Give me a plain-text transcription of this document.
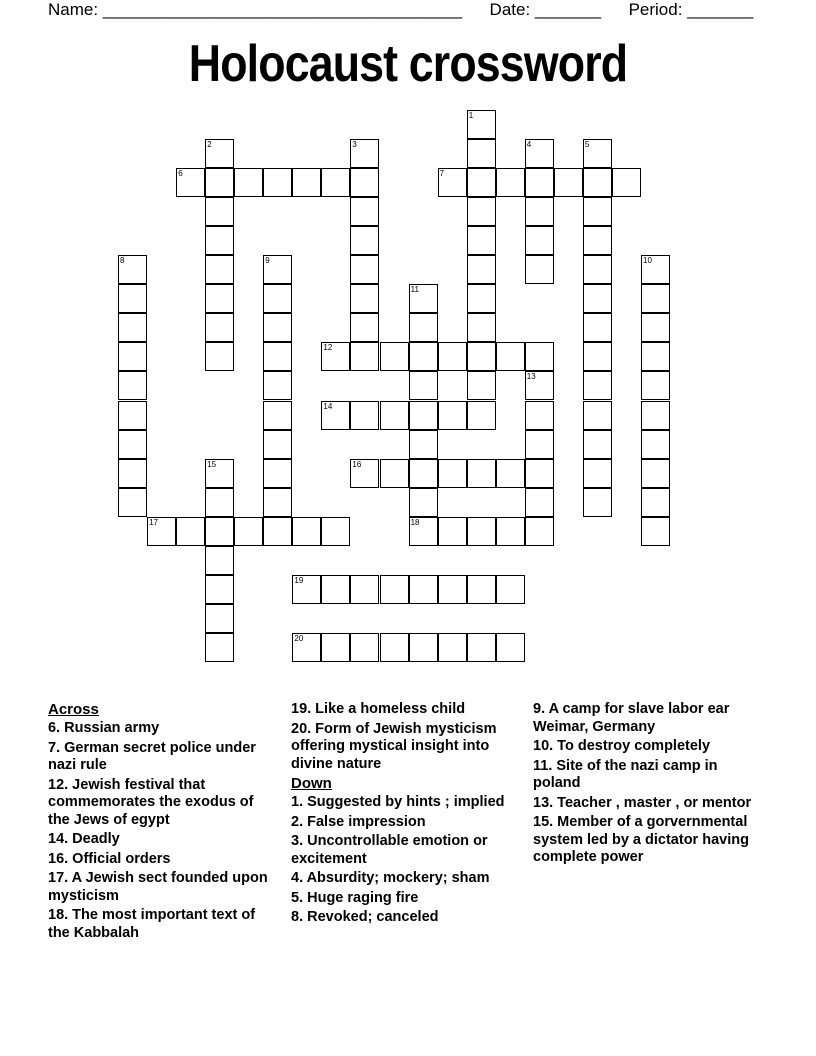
Name: ______________________________________ Date: _______ Period: _______
Holocaust crossword
1
2	3	4	5
6	7
8	9	10
11
12
13
14
15	16
17	18
19
20
Across
6. Russian army
7. German secret police under nazi rule
12. Jewish festival that commemorates the exodus of the Jews of egypt
14. Deadly
16. Official orders
17. A Jewish sect founded upon mysticism
18. The most important text of the Kabbalah
19. Like a homeless child
20. Form of Jewish mysticism offering mystical insight into divine nature
Down
1. Suggested by hints ; implied
2. False impression
3. Uncontrollable emotion or excitement
4. Absurdity; mockery; sham
5. Huge raging fire
8. Revoked; canceled
9. A camp for slave labor ear Weimar, Germany
10. To destroy completely
11. Site of the nazi camp in poland
13. Teacher , master , or mentor
15. Member of a gorvernmental system led by a dictator having complete power
